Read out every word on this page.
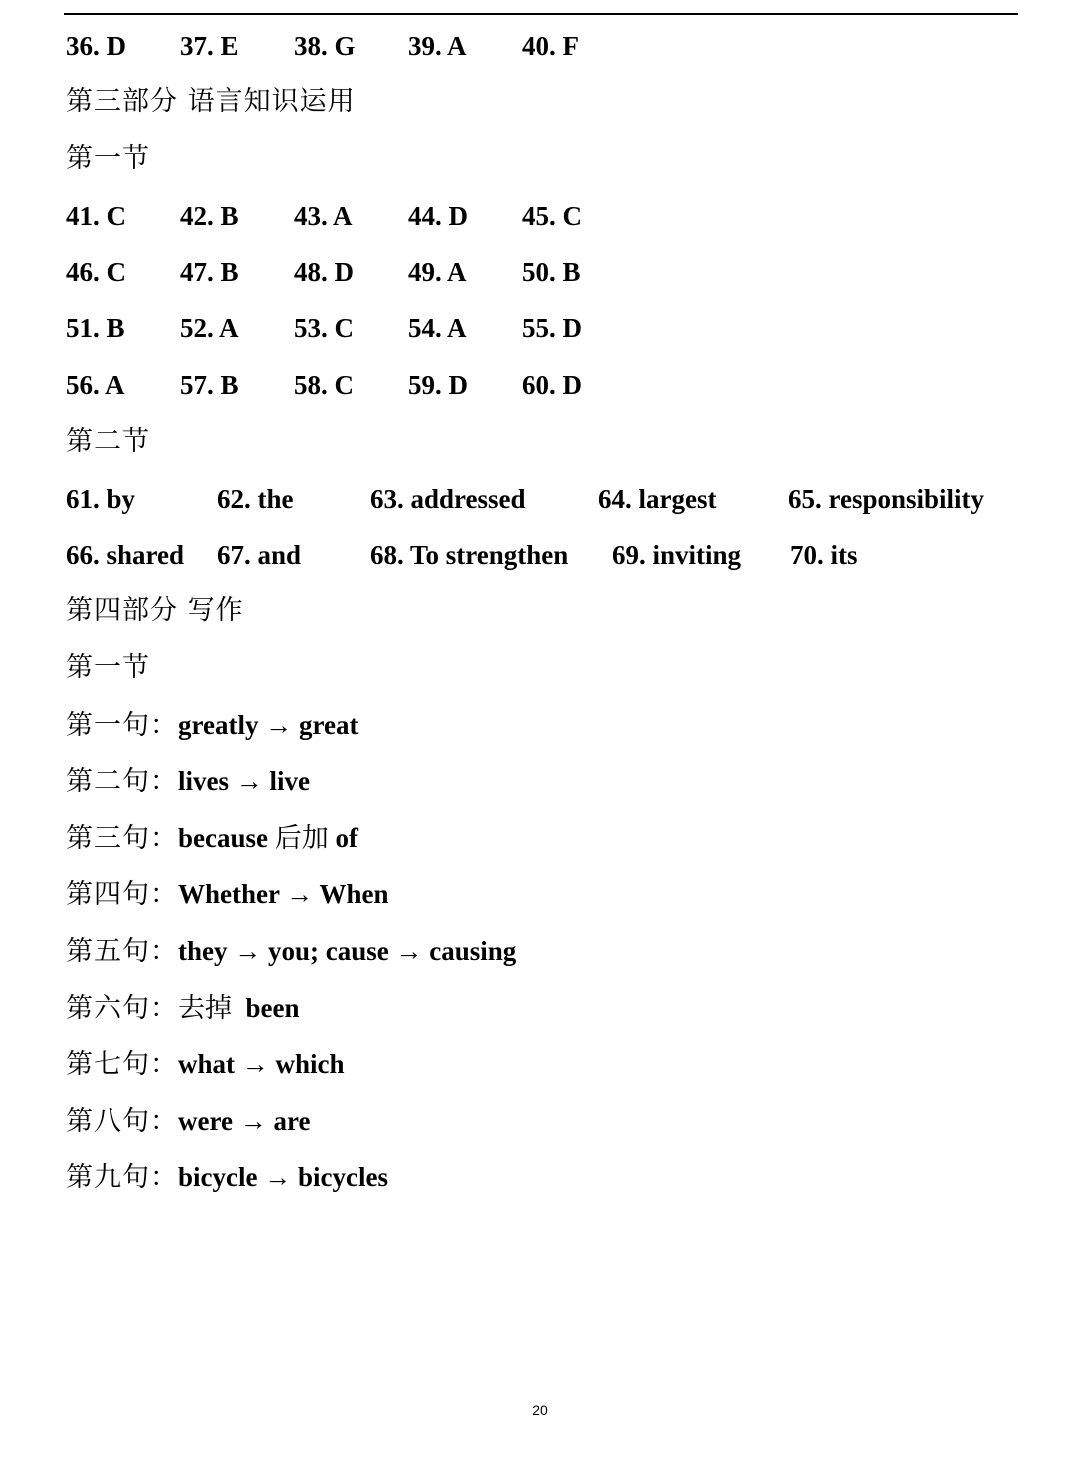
36. D 37. E 38. G 39. A 40. F
第三部分 语言知识运用
第一节
41. C 42. B 43. A 44. D 45. C
46. C 47. B 48. D 49. A 50. B
51. B 52. A 53. C 54. A 55. D
56. A 57. B 58. C 59. D 60. D
第二节
61. by	62. the	63. addressed	64. largest	65. responsibility
66. shared 67. and	68. To strengthen 69. inviting 70. its
第四部分 写作
第一节
第一句：greatly → great
第二句：lives → live
第三句：because 后加 of
第四句：Whether → When
第五句：they → you; cause → causing
第六句：去掉  been
第七句：what → which
第八句：were → are
第九句：bicycle → bicycles
20
